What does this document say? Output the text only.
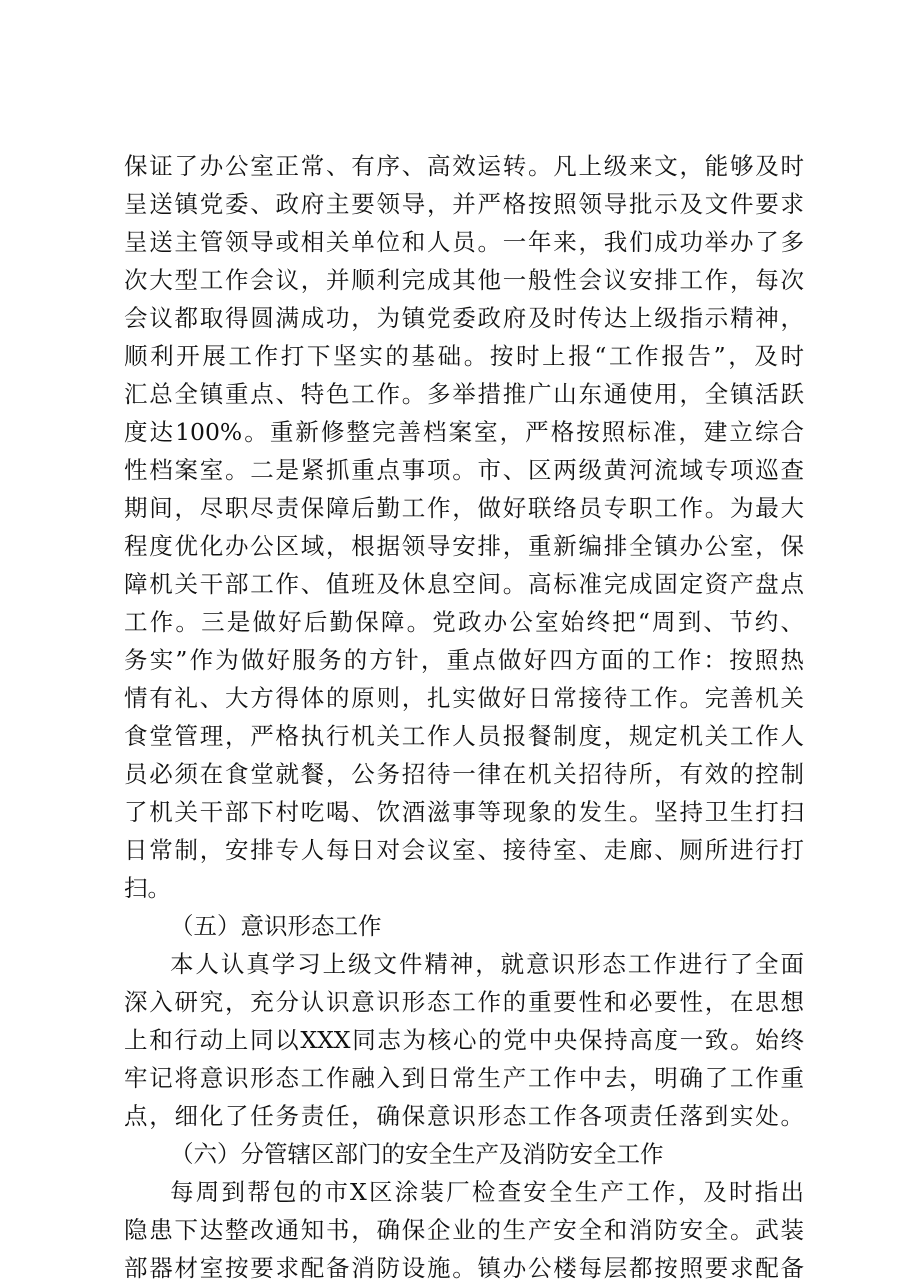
保证了办公室正常、有序、高效运转。凡上级来文，能够及时
呈送镇党委、政府主要领导，并严格按照领导批示及文件要求
呈送主管领导或相关单位和人员。一年来，我们成功举办了多
次大型工作会议，并顺利完成其他一般性会议安排工作，每次
会议都取得圆满成功，为镇党委政府及时传达上级指示精神，
顺利开展工作打下坚实的基础。按时上报“工作报告”，及时
汇总全镇重点、特色工作。多举措推广山东通使用，全镇活跃
度达100%。重新修整完善档案室，严格按照标准，建立综合
性档案室。二是紧抓重点事项。市、区两级黄河流域专项巡查
期间，尽职尽责保障后勤工作，做好联络员专职工作。为最大
程度优化办公区域，根据领导安排，重新编排全镇办公室，保
障机关干部工作、值班及休息空间。高标准完成固定资产盘点
工作。三是做好后勤保障。党政办公室始终把“周到、节约、
务实”作为做好服务的方针，重点做好四方面的工作：按照热
情有礼、大方得体的原则，扎实做好日常接待工作。完善机关
食堂管理，严格执行机关工作人员报餐制度，规定机关工作人
员必须在食堂就餐，公务招待一律在机关招待所，有效的控制
了机关干部下村吃喝、饮酒滋事等现象的发生。坚持卫生打扫
日常制，安排专人每日对会议室、接待室、走廊、厕所进行打
扫。
（五）意识形态工作
本人认真学习上级文件精神，就意识形态工作进行了全面
深入研究，充分认识意识形态工作的重要性和必要性，在思想
上和行动上同以XXX同志为核心的党中央保持高度一致。始终
牢记将意识形态工作融入到日常生产工作中去，明确了工作重
点，细化了任务责任，确保意识形态工作各项责任落到实处。
（六）分管辖区部门的安全生产及消防安全工作
每周到帮包的市X区涂装厂检查安全生产工作，及时指出
隐患下达整改通知书，确保企业的生产安全和消防安全。武装
部器材室按要求配备消防设施。镇办公楼每层都按照要求配备
